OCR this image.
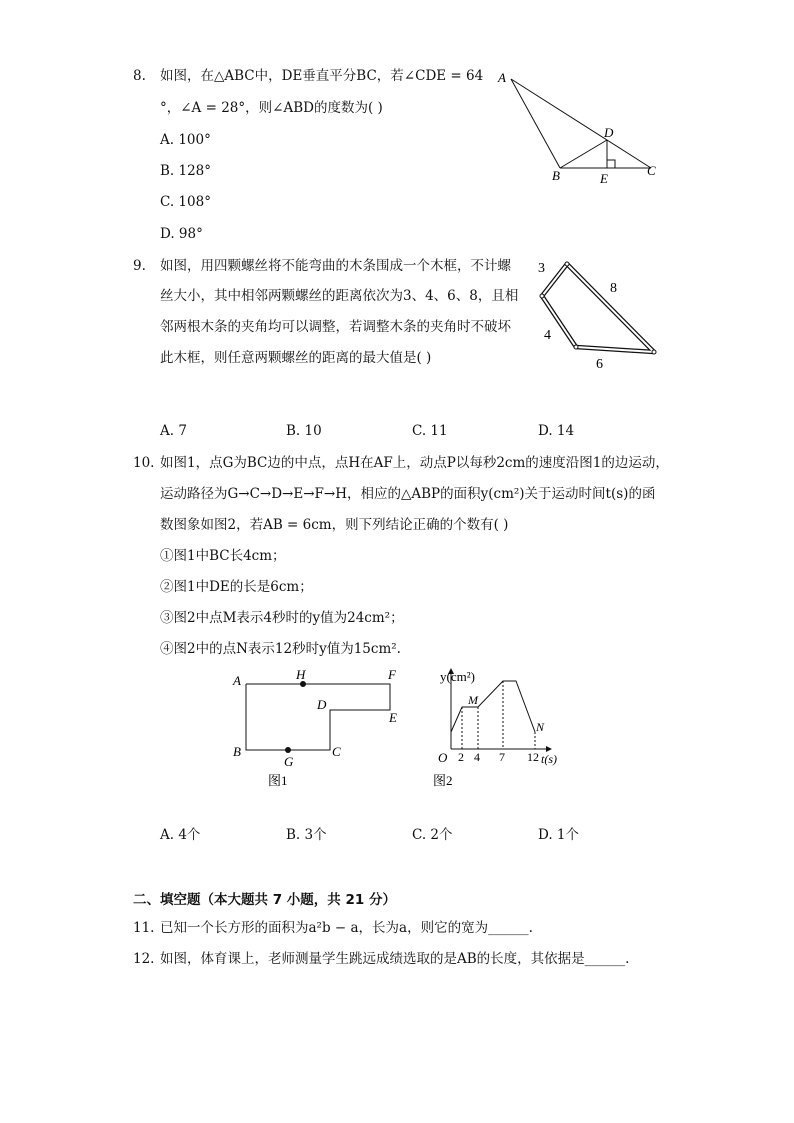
8. 如图，在△ABC中，DE垂直平分BC，若∠CDE = 64
°，∠A = 28°，则∠ABD的度数为( )
A. 100°
B. 128°
C. 108°
D. 98°
A
B	C
D
E
9. 如图，用四颗螺丝将不能弯曲的木条围成一个木框，不计螺
丝大小，其中相邻两颗螺丝的距离依次为3、4、6、8，且相
邻两根木条的夹角均可以调整，若调整木条的夹角时不破坏
此木框，则任意两颗螺丝的距离的最大值是( )
3
8
4
6
A. 7	B. 10	C. 11	D. 14
10. 如图1，点G为BC边的中点，点H在AF上，动点P以每秒2cm的速度沿图1的边运动，
运动路径为G→C→D→E→F→H，相应的△ABP的面积y(cm²)关于运动时间t(s)的函
数图象如图2，若AB = 6cm，则下列结论正确的个数有( )
①图1中BC长4cm；
②图1中DE的长是6cm；
③图2中点M表示4秒时的y值为24cm²；
④图2中的点N表示12秒时y值为15cm².
A	H	F
D
E
B
G
C
图1
y(cm²)
M
N
O 2 4 7 12 t(s)
图2
A. 4个	B. 3个	C. 2个	D. 1个
二、填空题（本大题共 7 小题，共 21 分）
11. 已知一个长方形的面积为a²b − a，长为a，则它的宽为______.
12. 如图，体育课上，老师测量学生跳远成绩选取的是AB的长度，其依据是______.
